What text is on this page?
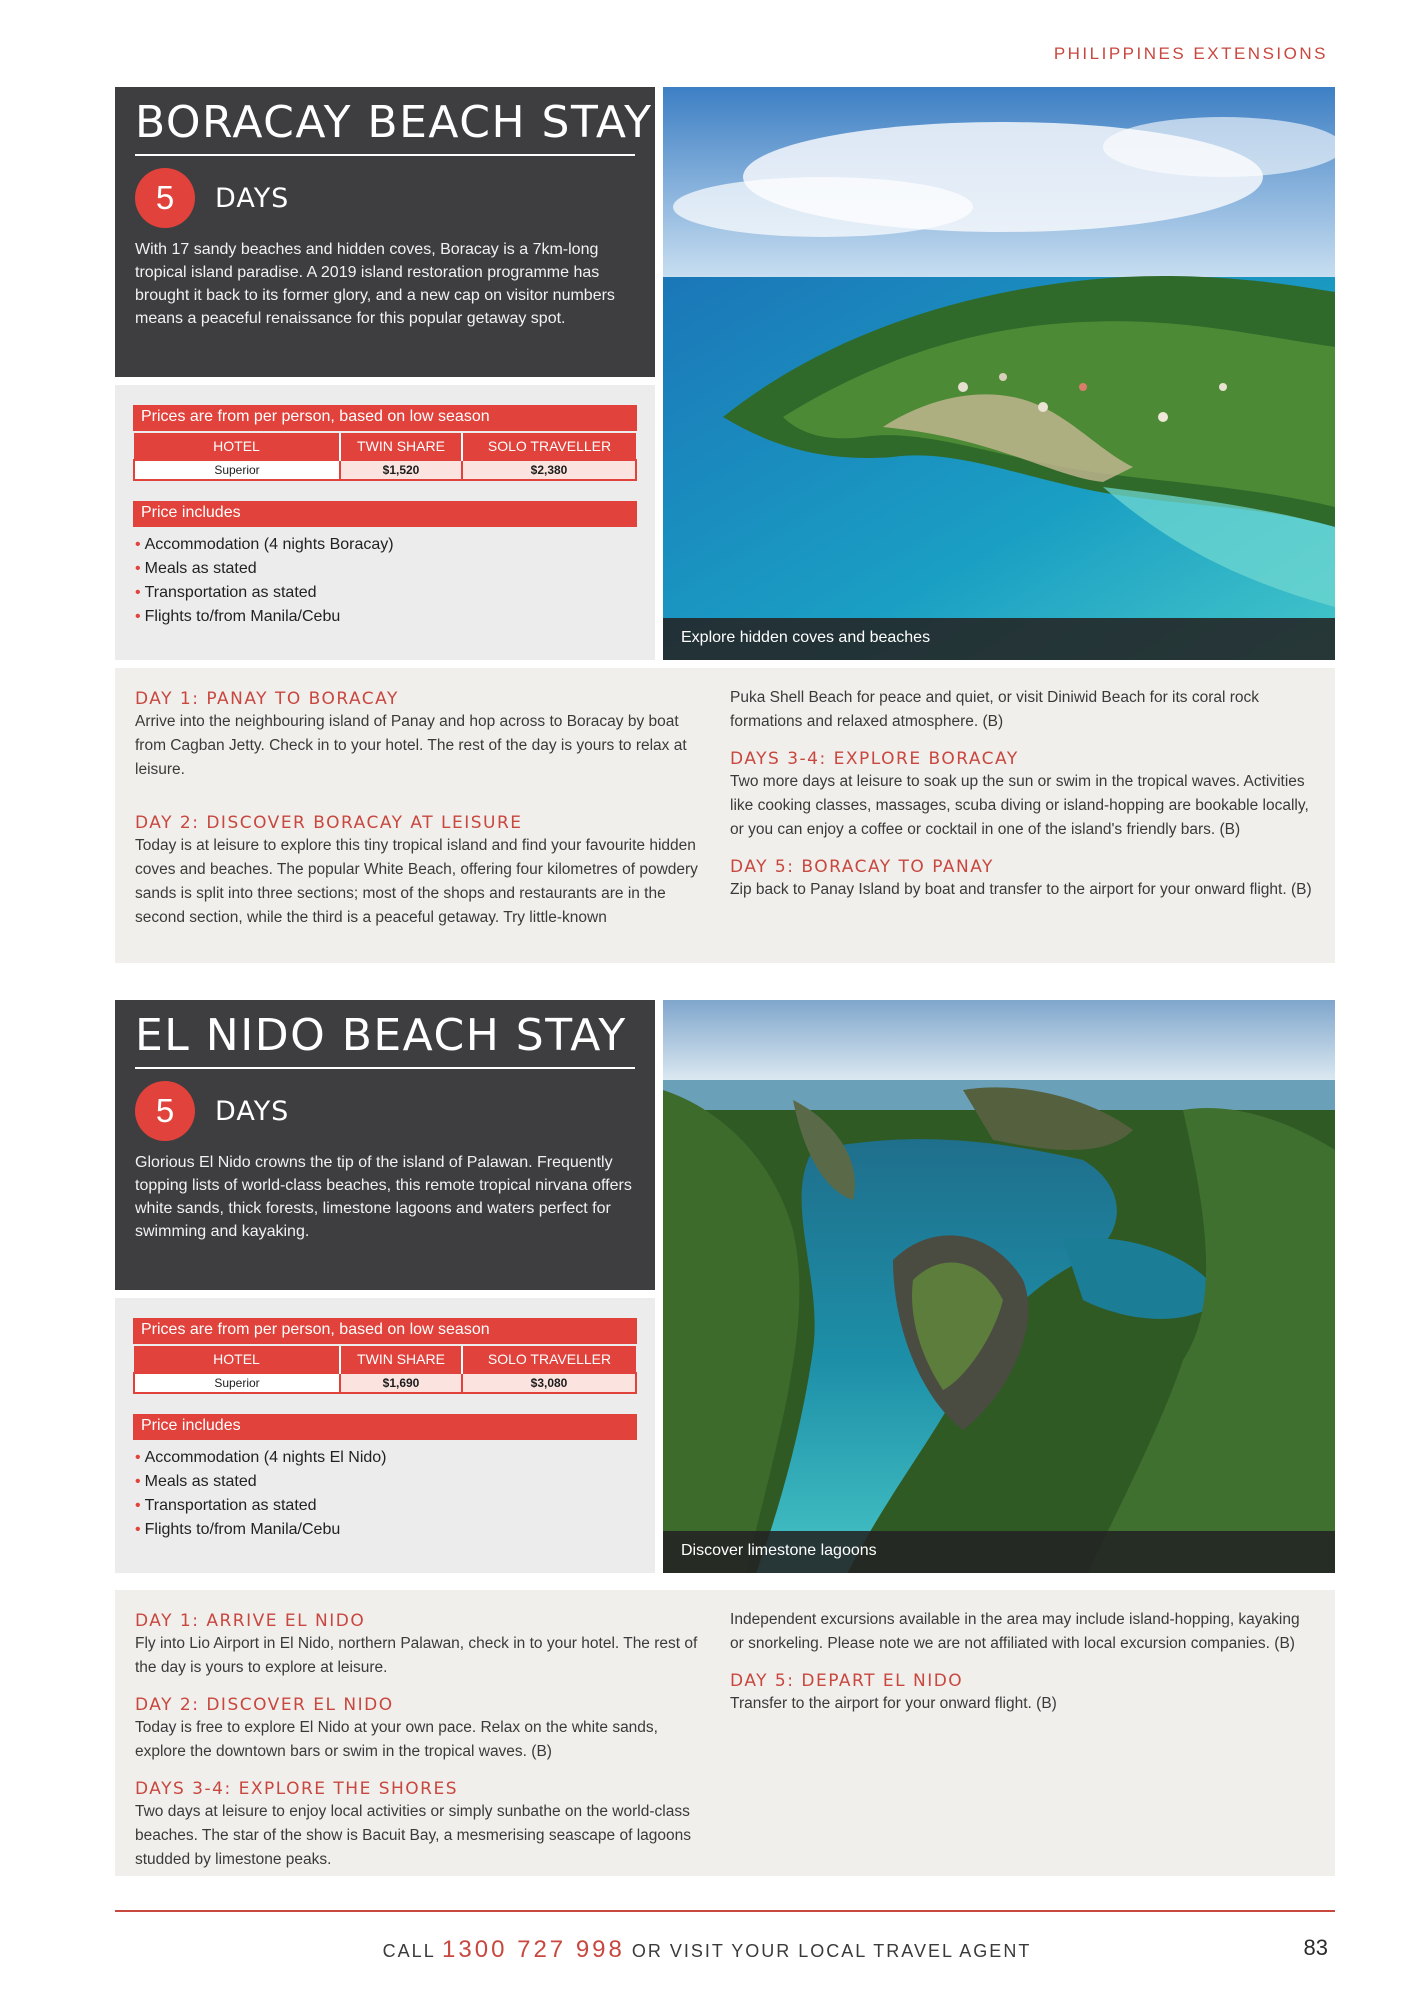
PHILIPPINES EXTENSIONS
BORACAY BEACH STAY
5	DAYS
With 17 sandy beaches and hidden coves, Boracay is a 7km-long tropical island paradise. A 2019 island restoration programme has brought it back to its former glory, and a new cap on visitor numbers means a peaceful renaissance for this popular getaway spot.
Prices are from per person, based on low season
HOTEL	TWIN SHARE	SOLO TRAVELLER
Superior	$1,520	$2,380
Price includes
• Accommodation (4 nights Boracay)
• Meals as stated
• Transportation as stated
• Flights to/from Manila/Cebu
Explore hidden coves and beaches
DAY 1: PANAY TO BORACAY
Arrive into the neighbouring island of Panay and hop across to Boracay by boat from Cagban Jetty. Check in to your hotel. The rest of the day is yours to relax at leisure.
DAY 2: DISCOVER BORACAY AT LEISURE
Today is at leisure to explore this tiny tropical island and find your favourite hidden coves and beaches. The popular White Beach, offering four kilometres of powdery sands is split into three sections; most of the shops and restaurants are in the second section, while the third is a peaceful getaway. Try little-known
Puka Shell Beach for peace and quiet, or visit Diniwid Beach for its coral rock formations and relaxed atmosphere. (B)
DAYS 3-4: EXPLORE BORACAY
Two more days at leisure to soak up the sun or swim in the tropical waves. Activities like cooking classes, massages, scuba diving or island-hopping are bookable locally, or you can enjoy a coffee or cocktail in one of the island's friendly bars. (B)
DAY 5: BORACAY TO PANAY
Zip back to Panay Island by boat and transfer to the airport for your onward flight. (B)
EL NIDO BEACH STAY
5	DAYS
Glorious El Nido crowns the tip of the island of Palawan. Frequently topping lists of world-class beaches, this remote tropical nirvana offers white sands, thick forests, limestone lagoons and waters perfect for swimming and kayaking.
Prices are from per person, based on low season
HOTEL	TWIN SHARE	SOLO TRAVELLER
Superior	$1,690	$3,080
Price includes
• Accommodation (4 nights El Nido)
• Meals as stated
• Transportation as stated
• Flights to/from Manila/Cebu
Discover limestone lagoons
DAY 1: ARRIVE EL NIDO
Fly into Lio Airport in El Nido, northern Palawan, check in to your hotel. The rest of the day is yours to explore at leisure.
DAY 2: DISCOVER EL NIDO
Today is free to explore El Nido at your own pace. Relax on the white sands, explore the downtown bars or swim in the tropical waves. (B)
DAYS 3-4: EXPLORE THE SHORES
Two days at leisure to enjoy local activities or simply sunbathe on the world-class beaches. The star of the show is Bacuit Bay, a mesmerising seascape of lagoons studded by limestone peaks.
Independent excursions available in the area may include island-hopping, kayaking or snorkeling. Please note we are not affiliated with local excursion companies. (B)
DAY 5: DEPART EL NIDO
Transfer to the airport for your onward flight. (B)
CALL 1300 727 998 OR VISIT YOUR LOCAL TRAVEL AGENT	83
